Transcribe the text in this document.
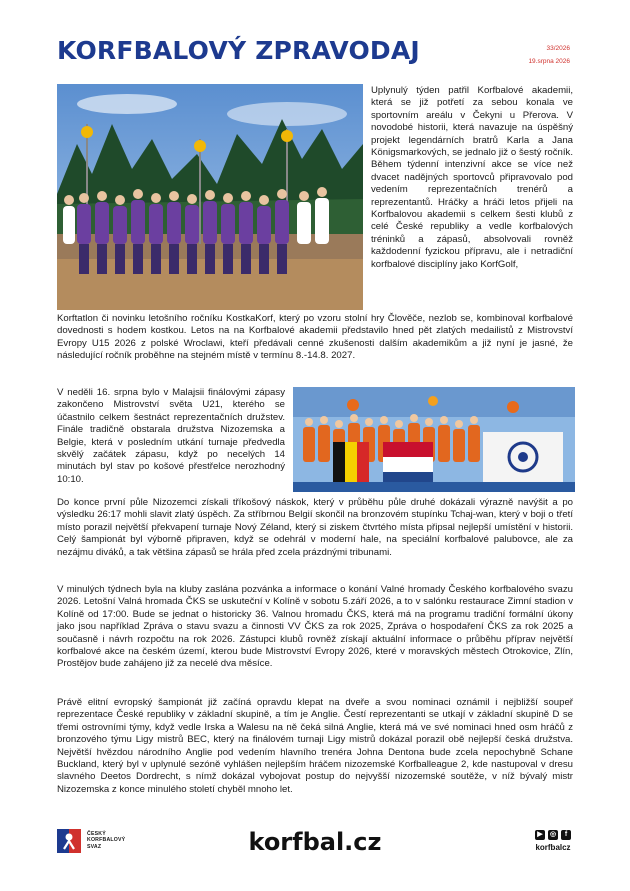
KORFBALOVÝ ZPRAVODAJ	33/2026
19.srpna 2026
Uplynulý týden patřil Korfbalové akademii, která se již potřetí za sebou konala ve sportovním areálu v Čekyni u Přerova. V novodobé historii, která navazuje na úspěšný projekt legendárních bratrů Karla a Jana Königsmarkových, se jednalo již o šestý ročník. Během týdenní intenzivní akce se více než dvacet nadějných sportovců připravovalo pod vedením reprezentačních trenérů a reprezentantů. Hráčky a hráči letos přijeli na Korfbalovou akademii s celkem šesti klubů z celé České republiky a vedle korfbalových tréninků a zápasů, absolvovali rovněž každodenní fyzickou přípravu, ale i netradiční korfbalové disciplíny jako KorfGolf,
Korftatlon či novinku letošního ročníku KostkaKorf, který po vzoru stolní hry Člověče, nezlob se, kombinoval korfbalové dovednosti s hodem kostkou. Letos na na Korfbalové akademii představilo hned pět zlatých medailistů z Mistrovství Evropy U15 2026 z polské Wroclawi, kteří předávali cenné zkušenosti dalším akademikům a již nyní je jasné, že následující ročník proběhne na stejném místě v termínu 8.-14.8. 2027.
V neděli 16. srpna bylo v Malajsii finálovými zápasy zakončeno Mistrovství světa U21, kterého se účastnilo celkem šestnáct reprezentačních družstev. Finále tradičně obstarala družstva Nizozemska a Belgie, která v posledním utkání turnaje předvedla skvělý začátek zápasu, když po necelých 14 minutách byl stav po košové přestřelce nerozhodný 10:10.
Do konce první půle Nizozemci získali tříkošový náskok, který v průběhu půle druhé dokázali výrazně navýšit a po výsledku 26:17 mohli slavit zlatý úspěch. Za stříbrnou Belgií skončil na bronzovém stupínku Tchaj-wan, který v boji o třetí místo porazil největší překvapení turnaje Nový Zéland, který si ziskem čtvrtého místa připsal nejlepší umístění v historii. Celý šampionát byl výborně připraven, když se odehrál v moderní hale, na speciální korfbalové palubovce, ale za nezájmu diváků, a tak většina zápasů se hrála před zcela prázdnými tribunami.
V minulých týdnech byla na kluby zaslána pozvánka a informace o konání Valné hromady Českého korfbalového svazu 2026. Letošní Valná hromada ČKS se uskuteční v Kolíně v sobotu 5.září 2026, a to v salónku restaurace Zimní stadion v Kolíně od 17:00. Bude se jednat o historicky 36. Valnou hromadu ČKS, která má na programu tradiční formální úkony jako jsou například Zpráva o stavu svazu a činnosti VV ČKS za rok 2025, Zpráva o hospodaření ČKS za rok 2025 a současně i návrh rozpočtu na rok 2026. Zástupci klubů rovněž získají aktuální informace o průběhu příprav největší korfbalové akce na českém území, kterou bude Mistrovství Evropy 2026, které v moravských městech Otrokovice, Zlín, Prostějov bude zahájeno již za necelé dva měsíce.
Právě elitní evropský šampionát již začíná opravdu klepat na dveře a svou nominaci oznámil i nejbližší soupeř reprezentace České republiky v základní skupině, a tím je Anglie. Čestí reprezentanti se utkají v základní skupině D se třemi ostrovními týmy, když vedle Irska a Walesu na ně čeká silná Anglie, která má ve své nominaci hned osm hráčů z bronzového týmu Ligy mistrů BEC, který na finálovém turnaji Ligy mistrů dokázal porazil obě nejlepší česká družstva. Největší hvězdou národního Anglie pod vedením hlavního trenéra Johna Dentona bude zcela nepochybně Schane Buckland, který byl v uplynulé sezóně vyhlášen nejlepším hráčem nizozemské Korfballeague 2, kde nastupoval v dresu slavného Deetos Dordrecht, s nímž dokázal vybojovat postup do nejvyšší nizozemské soutěže, v níž bývalý mistr Nizozemska z konce minulého století chyběl mnoho let.
ČESKÝ
KORFBALOVÝ
SVAZ	korfbal.cz	▶	◎	f
korfbalcz
